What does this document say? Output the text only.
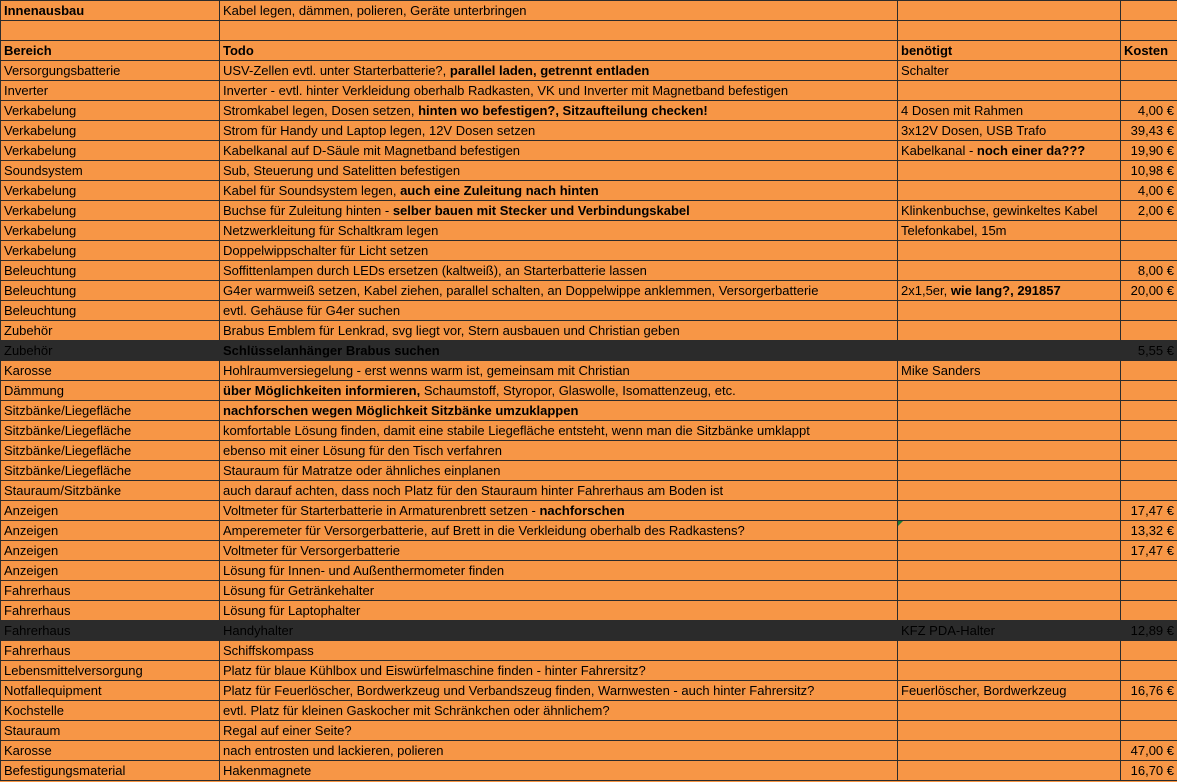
Innenausbau	Kabel legen, dämmen, polieren, Geräte unterbringen		

Bereich	Todo	benötigt	Kosten
Versorgungsbatterie	USV-Zellen evtl. unter Starterbatterie?, parallel laden, getrennt entladen	Schalter	
Inverter	Inverter - evtl. hinter Verkleidung oberhalb Radkasten, VK und Inverter mit Magnetband befestigen		
Verkabelung	Stromkabel legen, Dosen setzen, hinten wo befestigen?, Sitzaufteilung checken!	4 Dosen mit Rahmen	4,00 €
Verkabelung	Strom für Handy und Laptop legen, 12V Dosen setzen	3x12V Dosen, USB Trafo	39,43 €
Verkabelung	Kabelkanal auf D-Säule mit Magnetband befestigen	Kabelkanal - noch einer da???	19,90 €
Soundsystem	Sub, Steuerung und Satelitten befestigen		10,98 €
Verkabelung	Kabel für Soundsystem legen, auch eine Zuleitung nach hinten		4,00 €
Verkabelung	Buchse für Zuleitung hinten - selber bauen mit Stecker und Verbindungskabel	Klinkenbuchse, gewinkeltes Kabel	2,00 €
Verkabelung	Netzwerkleitung für Schaltkram legen	Telefonkabel, 15m	
Verkabelung	Doppelwippschalter für Licht setzen		
Beleuchtung	Soffittenlampen durch LEDs ersetzen (kaltweiß), an Starterbatterie lassen		8,00 €
Beleuchtung	G4er warmweiß setzen, Kabel ziehen, parallel schalten, an Doppelwippe anklemmen, Versorgerbatterie	2x1,5er, wie lang?, 291857	20,00 €
Beleuchtung	evtl. Gehäuse für G4er suchen		
Zubehör	Brabus Emblem für Lenkrad, svg liegt vor, Stern ausbauen und Christian geben		
Zubehör	Schlüsselanhänger Brabus suchen		5,55 €
Karosse	Hohlraumversiegelung - erst wenns warm ist, gemeinsam mit Christian	Mike Sanders	
Dämmung	über Möglichkeiten informieren, Schaumstoff, Styropor, Glaswolle, Isomattenzeug, etc.		
Sitzbänke/Liegefläche	nachforschen wegen Möglichkeit Sitzbänke umzuklappen		
Sitzbänke/Liegefläche	komfortable Lösung finden, damit eine stabile Liegefläche entsteht, wenn man die Sitzbänke umklappt		
Sitzbänke/Liegefläche	ebenso mit einer Lösung für den Tisch verfahren		
Sitzbänke/Liegefläche	Stauraum für Matratze oder ähnliches einplanen		
Stauraum/Sitzbänke	auch darauf achten, dass noch Platz für den Stauraum hinter Fahrerhaus am Boden ist		
Anzeigen	Voltmeter für Starterbatterie in Armaturenbrett setzen - nachforschen		17,47 €
Anzeigen	Amperemeter für Versorgerbatterie, auf Brett in die Verkleidung oberhalb des Radkastens?		13,32 €
Anzeigen	Voltmeter für Versorgerbatterie		17,47 €
Anzeigen	Lösung für Innen- und Außenthermometer finden		
Fahrerhaus	Lösung für Getränkehalter		
Fahrerhaus	Lösung für Laptophalter		
Fahrerhaus	Handyhalter	KFZ PDA-Halter	12,89 €
Fahrerhaus	Schiffskompass		
Lebensmittelversorgung	Platz für blaue Kühlbox und Eiswürfelmaschine finden - hinter Fahrersitz?		
Notfallequipment	Platz für Feuerlöscher, Bordwerkzeug und Verbandszeug finden, Warnwesten - auch hinter Fahrersitz?	Feuerlöscher, Bordwerkzeug	16,76 €
Kochstelle	evtl. Platz für kleinen Gaskocher mit Schränkchen oder ähnlichem?		
Stauraum	Regal auf einer Seite?		
Karosse	nach entrosten und lackieren, polieren		47,00 €
Befestigungsmaterial	Hakenmagnete		16,70 €
